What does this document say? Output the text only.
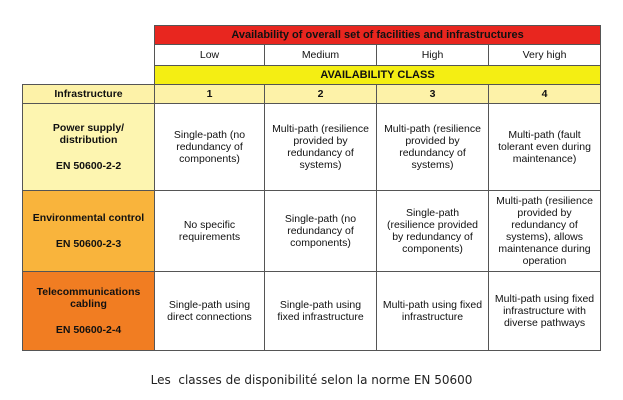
	Availability of overall set of facilities and infrastructures			
	Low	Medium	High	Very high
	AVAILABILITY CLASS			
Infrastructure	1	2	3	4

Power supply/ distribution
EN 50600-2-2	Single-path (no redundancy of components)	Multi-path (resilience provided by redundancy of systems)	Multi-path (resilience provided by redundancy of systems)	Multi-path (fault tolerant even during maintenance)

Environmental control
EN 50600-2-3	No specific requirements	Single-path (no redundancy of components)	Single-path (resilience provided by redundancy of components)	Multi-path (resilience provided by redundancy of systems), allows maintenance during operation

Telecommunications cabling
EN 50600-2-4	Single-path using direct connections	Single-path using fixed infrastructure	Multi-path using fixed infrastructure	Multi-path using fixed infrastructure with diverse pathways
Les  classes de disponibilité selon la norme EN 50600
